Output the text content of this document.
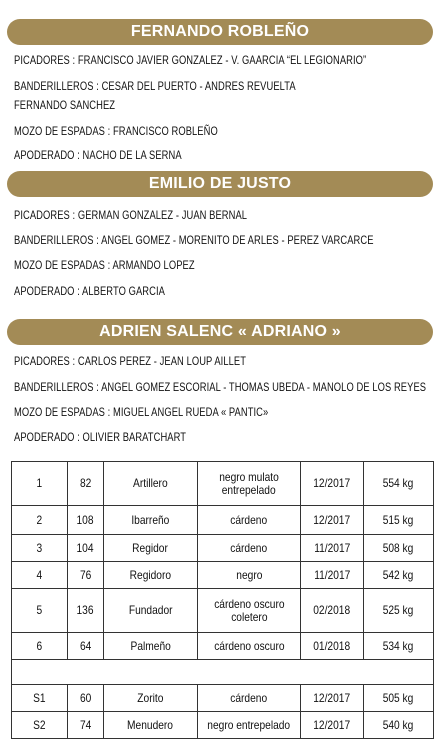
FERNANDO ROBLEÑO
PICADORES : FRANCISCO JAVIER GONZALEZ - V. GAARCIA “EL LEGIONARIO”
BANDERILLEROS : CESAR DEL PUERTO - ANDRES REVUELTA
FERNANDO SANCHEZ
MOZO DE ESPADAS : FRANCISCO ROBLEÑO
APODERADO : NACHO DE LA SERNA
EMILIO DE JUSTO
PICADORES : GERMAN GONZALEZ - JUAN BERNAL
BANDERILLEROS : ANGEL GOMEZ - MORENITO DE ARLES - PEREZ VARCARCE
MOZO DE ESPADAS : ARMANDO LOPEZ
APODERADO : ALBERTO GARCIA
ADRIEN SALENC « ADRIANO »
PICADORES : CARLOS PEREZ - JEAN LOUP AILLET
BANDERILLEROS : ANGEL GOMEZ ESCORIAL - THOMAS UBEDA - MANOLO DE LOS REYES
MOZO DE ESPADAS : MIGUEL ANGEL RUEDA « PANTIC»
APODERADO : OLIVIER BARATCHART
1	82	Artillero	negro mulato
entrepelado	12/2017	554 kg
2	108	Ibarreño	cárdeno	12/2017	515 kg
3	104	Regidor	cárdeno	11/2017	508 kg
4	76	Regidoro	negro	11/2017	542 kg
5	136	Fundador	cárdeno oscuro
coletero	02/2018	525 kg
6	64	Palmeño	cárdeno oscuro	01/2018	534 kg

S1	60	Zorito	cárdeno	12/2017	505 kg
S2	74	Menudero	negro entrepelado	12/2017	540 kg
